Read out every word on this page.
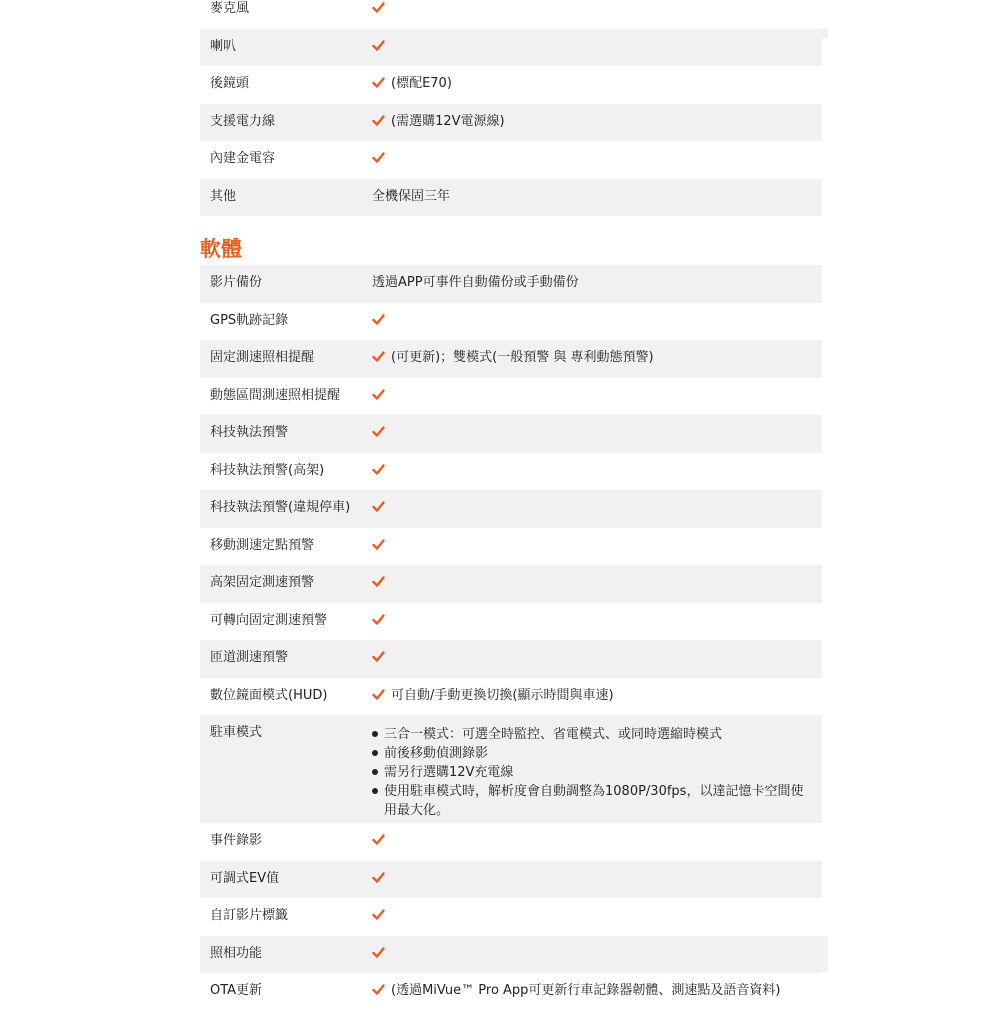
麥克風
喇叭
後鏡頭	(標配E70)
支援電力線	(需選購12V電源線)
內建金電容
其他	全機保固三年
軟體
影片備份	透過APP可事件自動備份或手動備份
GPS軌跡記錄
固定測速照相提醒	(可更新)；雙模式(一般預警 與 專利動態預警)
動態區間測速照相提醒
科技執法預警
科技執法預警(高架)
科技執法預警(違規停車)
移動測速定點預警
高架固定測速預警
可轉向固定測速預警
匝道測速預警
數位鏡面模式(HUD)	可自動/手動更換切換(顯示時間與車速)
駐車模式	三合一模式：可選全時監控、省電模式、或同時選縮時模式
前後移動偵測錄影
需另行選購12V充電線
使用駐車模式時，解析度會自動調整為1080P/30fps，以達記憶卡空間使用最大化。
事件錄影
可調式EV值
自訂影片標籤
照相功能
OTA更新	(透過MiVue™ Pro App可更新行車記錄器韌體、測速點及語音資料)
